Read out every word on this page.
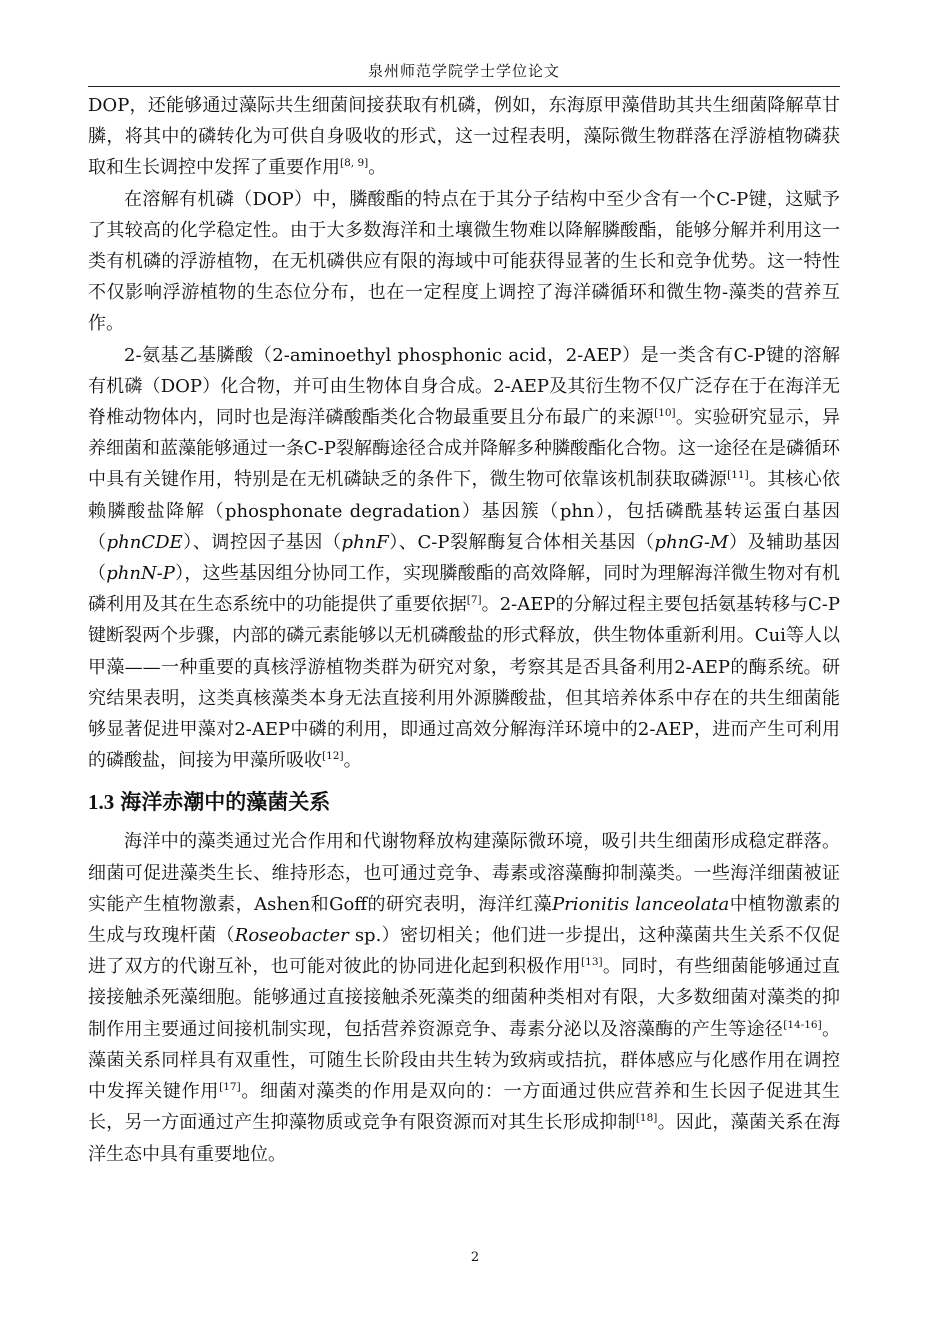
泉州师范学院学士学位论文

DOP，还能够通过藻际共生细菌间接获取有机磷，例如，东海原甲藻借助其共生细菌降解草甘膦，将其中的磷转化为可供自身吸收的形式，这一过程表明，藻际微生物群落在浮游植物磷获取和生长调控中发挥了重要作用[8, 9]。

在溶解有机磷（DOP）中，膦酸酯的特点在于其分子结构中至少含有一个C-P键，这赋予了其较高的化学稳定性。由于大多数海洋和土壤微生物难以降解膦酸酯，能够分解并利用这一类有机磷的浮游植物，在无机磷供应有限的海域中可能获得显著的生长和竞争优势。这一特性不仅影响浮游植物的生态位分布，也在一定程度上调控了海洋磷循环和微生物-藻类的营养互作。

2-氨基乙基膦酸（2-aminoethyl phosphonic acid，2-AEP）是一类含有C-P键的溶解有机磷（DOP）化合物，并可由生物体自身合成。2-AEP及其衍生物不仅广泛存在于在海洋无脊椎动物体内，同时也是海洋磷酸酯类化合物最重要且分布最广的来源[10]。实验研究显示，异养细菌和蓝藻能够通过一条C-P裂解酶途径合成并降解多种膦酸酯化合物。这一途径在是磷循环中具有关键作用，特别是在无机磷缺乏的条件下，微生物可依靠该机制获取磷源[11]。其核心依赖膦酸盐降解（phosphonate degradation）基因簇（phn），包括磷酰基转运蛋白基因（phnCDE）、调控因子基因（phnF）、C-P裂解酶复合体相关基因（phnG-M）及辅助基因（phnN-P），这些基因组分协同工作，实现膦酸酯的高效降解，同时为理解海洋微生物对有机磷利用及其在生态系统中的功能提供了重要依据[7]。2-AEP的分解过程主要包括氨基转移与C-P键断裂两个步骤，内部的磷元素能够以无机磷酸盐的形式释放，供生物体重新利用。Cui等人以甲藻——一种重要的真核浮游植物类群为研究对象，考察其是否具备利用2-AEP的酶系统。研究结果表明，这类真核藻类本身无法直接利用外源膦酸盐，但其培养体系中存在的共生细菌能够显著促进甲藻对2-AEP中磷的利用，即通过高效分解海洋环境中的2-AEP，进而产生可利用的磷酸盐，间接为甲藻所吸收[12]。

1.3 海洋赤潮中的藻菌关系

海洋中的藻类通过光合作用和代谢物释放构建藻际微环境，吸引共生细菌形成稳定群落。细菌可促进藻类生长、维持形态，也可通过竞争、毒素或溶藻酶抑制藻类。一些海洋细菌被证实能产生植物激素，Ashen和Goff的研究表明，海洋红藻Prionitis lanceolata中植物激素的生成与玫瑰杆菌（Roseobacter sp.）密切相关；他们进一步提出，这种藻菌共生关系不仅促进了双方的代谢互补，也可能对彼此的协同进化起到积极作用[13]。同时，有些细菌能够通过直接接触杀死藻细胞。能够通过直接接触杀死藻类的细菌种类相对有限，大多数细菌对藻类的抑制作用主要通过间接机制实现，包括营养资源竞争、毒素分泌以及溶藻酶的产生等途径[14-16]。藻菌关系同样具有双重性，可随生长阶段由共生转为致病或拮抗，群体感应与化感作用在调控中发挥关键作用[17]。细菌对藻类的作用是双向的：一方面通过供应营养和生长因子促进其生长，另一方面通过产生抑藻物质或竞争有限资源而对其生长形成抑制[18]。因此，藻菌关系在海洋生态中具有重要地位。

2
